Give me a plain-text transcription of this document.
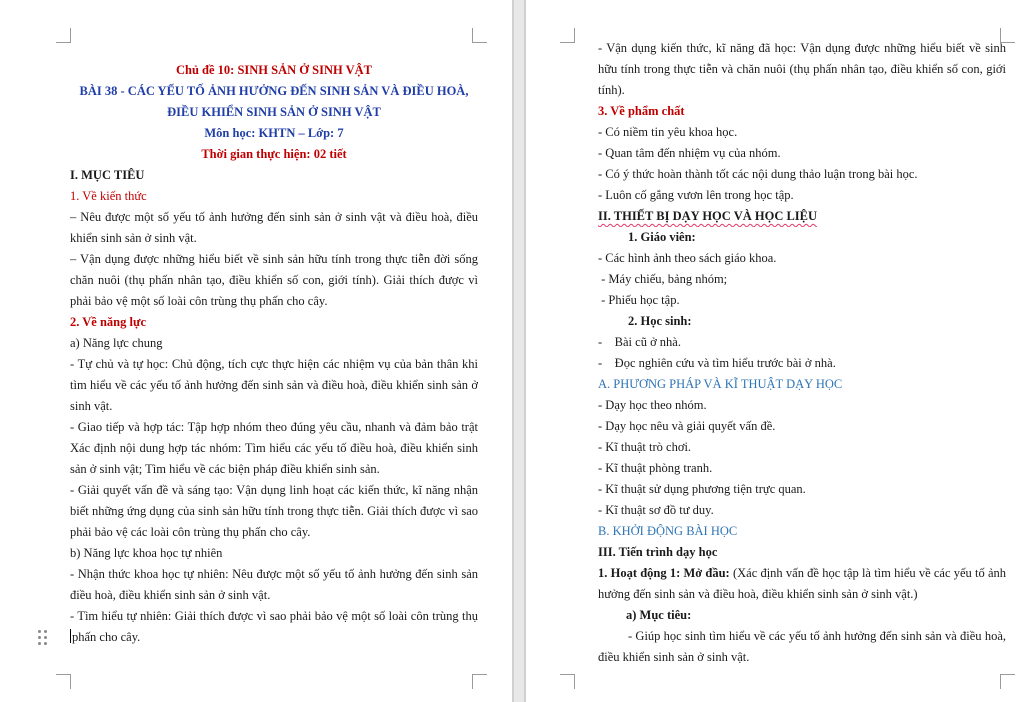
Chủ đề 10: SINH SẢN Ở SINH VẬT
BÀI 38 - CÁC YẾU TỐ ẢNH HƯỞNG ĐẾN SINH SẢN VÀ ĐIỀU HOÀ,
ĐIỀU KHIỂN SINH SẢN Ở SINH VẬT
Môn học: KHTN – Lớp: 7
Thời gian thực hiện: 02 tiết
I. MỤC TIÊU
1. Về kiến thức
– Nêu được một số yếu tố ảnh hưởng đến sinh sản ở sinh vật và điều hoà, điều
khiển sinh sản ở sinh vật.
– Vận dụng được những hiểu biết về sinh sản hữu tính trong thực tiễn đời sống
chăn nuôi (thụ phấn nhân tạo, điều khiển số con, giới tính). Giải thích được vì
phải bảo vệ một số loài côn trùng thụ phấn cho cây.
2. Về năng lực
a) Năng lực chung
- Tự chủ và tự học: Chủ động, tích cực thực hiện các nhiệm vụ của bản thân khi
tìm hiểu về các yếu tố ảnh hưởng đến sinh sản và điều hoà, điều khiển sinh sản ở
sinh vật.
- Giao tiếp và hợp tác: Tập hợp nhóm theo đúng yêu cầu, nhanh và đảm bảo trật
Xác định nội dung hợp tác nhóm: Tìm hiểu các yếu tố điều hoà, điều khiển sinh
sản ở sinh vật; Tìm hiểu về các biện pháp điều khiển sinh sản.
- Giải quyết vấn đề và sáng tạo: Vận dụng linh hoạt các kiến thức, kĩ năng nhận
biết những ứng dụng của sinh sản hữu tính trong thực tiễn. Giải thích được vì sao
phải bảo vệ các loài côn trùng thụ phấn cho cây.
b) Năng lực khoa học tự nhiên
- Nhận thức khoa học tự nhiên: Nêu được một số yếu tố ảnh hưởng đến sinh sản
điều hoà, điều khiển sinh sản ở sinh vật.
- Tìm hiểu tự nhiên: Giải thích được vì sao phải bảo vệ một số loài côn trùng thụ
phấn cho cây.
- Vận dụng kiến thức, kĩ năng đã học: Vận dụng được những hiểu biết về sinh
hữu tính trong thực tiễn và chăn nuôi (thụ phấn nhân tạo, điều khiển số con, giới
tính).
3. Về phẩm chất
- Có niềm tin yêu khoa học.
- Quan tâm đến nhiệm vụ của nhóm.
- Có ý thức hoàn thành tốt các nội dung thảo luận trong bài học.
- Luôn cố gắng vươn lên trong học tập.
II. THIẾT BỊ DẠY HỌC VÀ HỌC LIỆU
1. Giáo viên:
- Các hình ảnh theo sách giáo khoa.
- Máy chiếu, bảng nhóm;
- Phiếu học tập.
2. Học sinh:
-    Bài cũ ở nhà.
-    Đọc nghiên cứu và tìm hiểu trước bài ở nhà.
A. PHƯƠNG PHÁP VÀ KĨ THUẬT DẠY HỌC
- Dạy học theo nhóm.
- Dạy học nêu và giải quyết vấn đề.
- Kĩ thuật trò chơi.
- Kĩ thuật phòng tranh.
- Kĩ thuật sử dụng phương tiện trực quan.
- Kĩ thuật sơ đồ tư duy.
B. KHỞI ĐỘNG BÀI HỌC
III. Tiến trình dạy học
1. Hoạt động 1: Mở đầu: (Xác định vấn đề học tập là tìm hiểu về các yếu tố ảnh
hưởng đến sinh sản và điều hoà, điều khiển sinh sản ở sinh vật.)
a) Mục tiêu:
- Giúp học sinh tìm hiểu về các yếu tố ảnh hưởng đến sinh sản và điều hoà,
điều khiển sinh sản ở sinh vật.
